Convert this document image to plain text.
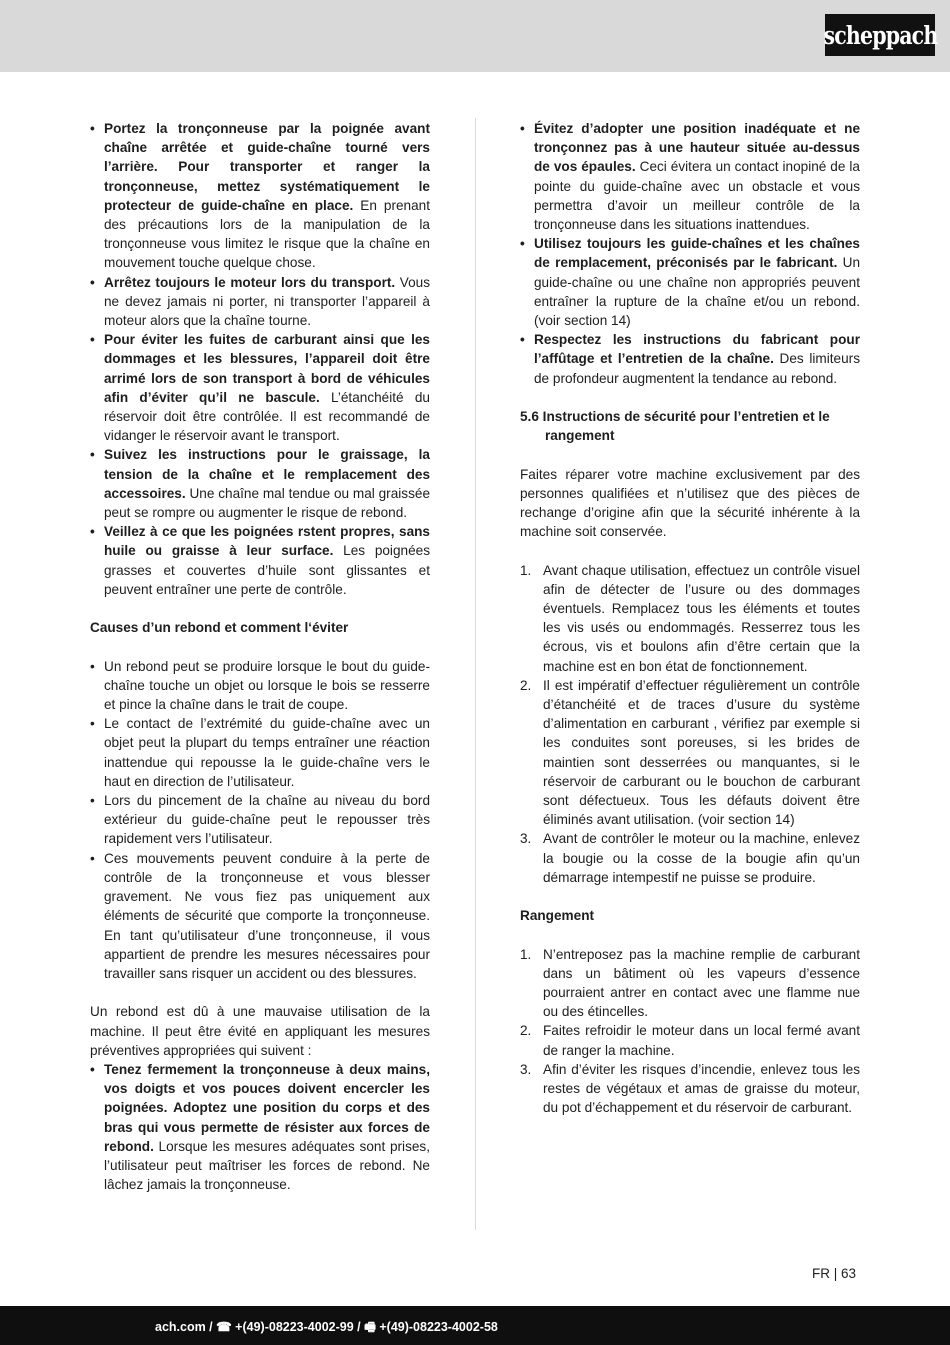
scheppach
• Portez la tronçonneuse par la poignée avant chaîne arrêtée et guide-chaîne tourné vers l’arrière. Pour transporter et ranger la tronçonneuse, mettez systématiquement le protecteur de guide-chaîne en place. En prenant des précautions lors de la manipulation de la tronçonneuse vous limitez le risque que la chaîne en mouvement touche quelque chose.
• Arrêtez toujours le moteur lors du transport. Vous ne devez jamais ni porter, ni transporter l’appareil à moteur alors que la chaîne tourne.
• Pour éviter les fuites de carburant ainsi que les dommages et les blessures, l’appareil doit être arrimé lors de son transport à bord de véhicules afin d’éviter qu’il ne bascule. L’étanchéité du réservoir doit être contrôlée. Il est recommandé de vidanger le réservoir avant le transport.
• Suivez les instructions pour le graissage, la tension de la chaîne et le remplacement des accessoires. Une chaîne mal tendue ou mal graissée peut se rompre ou augmenter le risque de rebond.
• Veillez à ce que les poignées rstent propres, sans huile ou graisse à leur surface. Les poignées grasses et couvertes d’huile sont glissantes et peuvent entraîner une perte de contrôle.
Causes d’un rebond et comment l‘éviter
• Un rebond peut se produire lorsque le bout du guide-chaîne touche un objet ou lorsque le bois se resserre et pince la chaîne dans le trait de coupe.
• Le contact de l’extrémité du guide-chaîne avec un objet peut la plupart du temps entraîner une réaction inattendue qui repousse la le guide-chaîne vers le haut en direction de l’utilisateur.
• Lors du pincement de la chaîne au niveau du bord extérieur du guide-chaîne peut le repousser très rapidement vers l’utilisateur.
• Ces mouvements peuvent conduire à la perte de contrôle de la tronçonneuse et vous blesser gravement. Ne vous fiez pas uniquement aux éléments de sécurité que comporte la tronçonneuse. En tant qu’utilisateur d’une tronçonneuse, il vous appartient de prendre les mesures nécessaires pour travailler sans risquer un accident ou des blessures.
Un rebond est dû à une mauvaise utilisation de la machine. Il peut être évité en appliquant les mesures préventives appropriées qui suivent :
• Tenez fermement la tronçonneuse à deux mains, vos doigts et vos pouces doivent encercler les poignées. Adoptez une position du corps et des bras qui vous permette de résister aux forces de rebond. Lorsque les mesures adéquates sont prises, l’utilisateur peut maîtriser les forces de rebond. Ne lâchez jamais la tronçonneuse.
• Évitez d’adopter une position inadéquate et ne tronçonnez pas à une hauteur située au-dessus de vos épaules. Ceci évitera un contact inopiné de la pointe du guide-chaîne avec un obstacle et vous permettra d’avoir un meilleur contrôle de la tronçonneuse dans les situations inattendues.
• Utilisez toujours les guide-chaînes et les chaînes de remplacement, préconisés par le fabricant. Un guide-chaîne ou une chaîne non appropriés peuvent entraîner la rupture de la chaîne et/ou un rebond. (voir section 14)
• Respectez les instructions du fabricant pour l’affûtage et l’entretien de la chaîne. Des limiteurs de profondeur augmentent la tendance au rebond.
5.6 Instructions de sécurité pour l’entretien et le rangement
Faites réparer votre machine exclusivement par des personnes qualifiées et n’utilisez que des pièces de rechange d’origine afin que la sécurité inhérente à la machine soit conservée.
1. Avant chaque utilisation, effectuez un contrôle visuel afin de détecter de l’usure ou des dommages éventuels. Remplacez tous les éléments et toutes les vis usés ou endommagés. Resserrez tous les écrous, vis et boulons afin d’être certain que la machine est en bon état de fonctionnement.
2. Il est impératif d’effectuer régulièrement un contrôle d’étanchéité et de traces d’usure du système d’alimentation en carburant , vérifiez par exemple si les conduites sont poreuses, si les brides de maintien sont desserrées ou manquantes, si le réservoir de carburant ou le bouchon de carburant sont défectueux. Tous les défauts doivent être éliminés avant utilisation. (voir section 14)
3. Avant de contrôler le moteur ou la machine, enlevez la bougie ou la cosse de la bougie afin qu’un démarrage intempestif ne puisse se produire.
Rangement
1. N’entreposez pas la machine remplie de carburant dans un bâtiment où les vapeurs d’essence pourraient antrer en contact avec une flamme nue ou des étincelles.
2. Faites refroidir le moteur dans un local fermé avant de ranger la machine.
3. Afin d’éviter les risques d’incendie, enlevez tous les restes de végétaux et amas de graisse du moteur, du pot d’échappement et du réservoir de carburant.
FR | 63
ach.com / ☎ +(49)-08223-4002-99 / 🖷 +(49)-08223-4002-58
